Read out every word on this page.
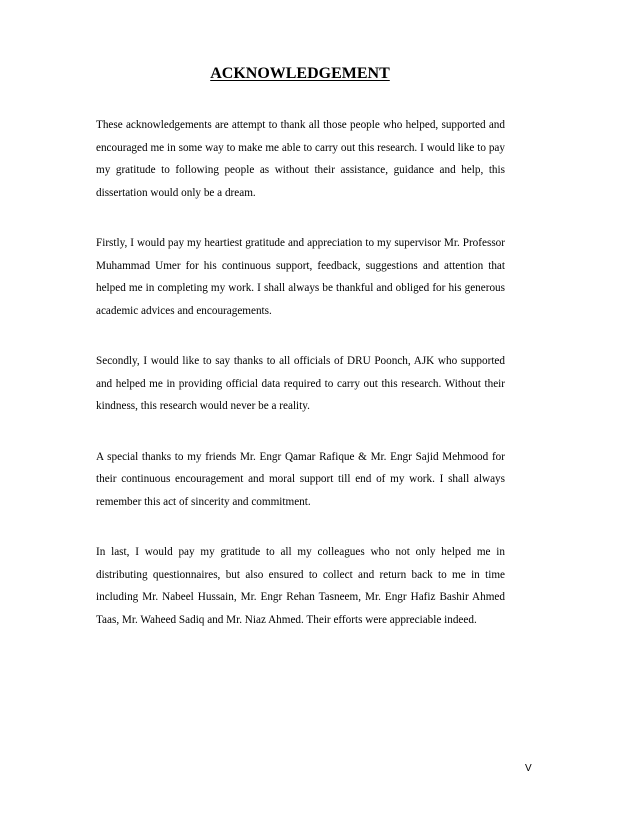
ACKNOWLEDGEMENT

These acknowledgements are attempt to thank all those people who helped, supported and encouraged me in some way to make me able to carry out this research. I would like to pay my gratitude to following people as without their assistance, guidance and help, this dissertation would only be a dream.

Firstly, I would pay my heartiest gratitude and appreciation to my supervisor Mr. Professor Muhammad Umer for his continuous support, feedback, suggestions and attention that helped me in completing my work. I shall always be thankful and obliged for his generous academic advices and encouragements.

Secondly, I would like to say thanks to all officials of DRU Poonch, AJK who supported and helped me in providing official data required to carry out this research. Without their kindness, this research would never be a reality.

A special thanks to my friends Mr. Engr Qamar Rafique & Mr. Engr Sajid Mehmood for their continuous encouragement and moral support till end of my work. I shall always remember this act of sincerity and commitment.

In last, I would pay my gratitude to all my colleagues who not only helped me in distributing questionnaires, but also ensured to collect and return back to me in time including Mr. Nabeel Hussain, Mr. Engr Rehan Tasneem, Mr. Engr Hafiz Bashir Ahmed Taas, Mr. Waheed Sadiq and Mr. Niaz Ahmed. Their efforts were appreciable indeed.

V
